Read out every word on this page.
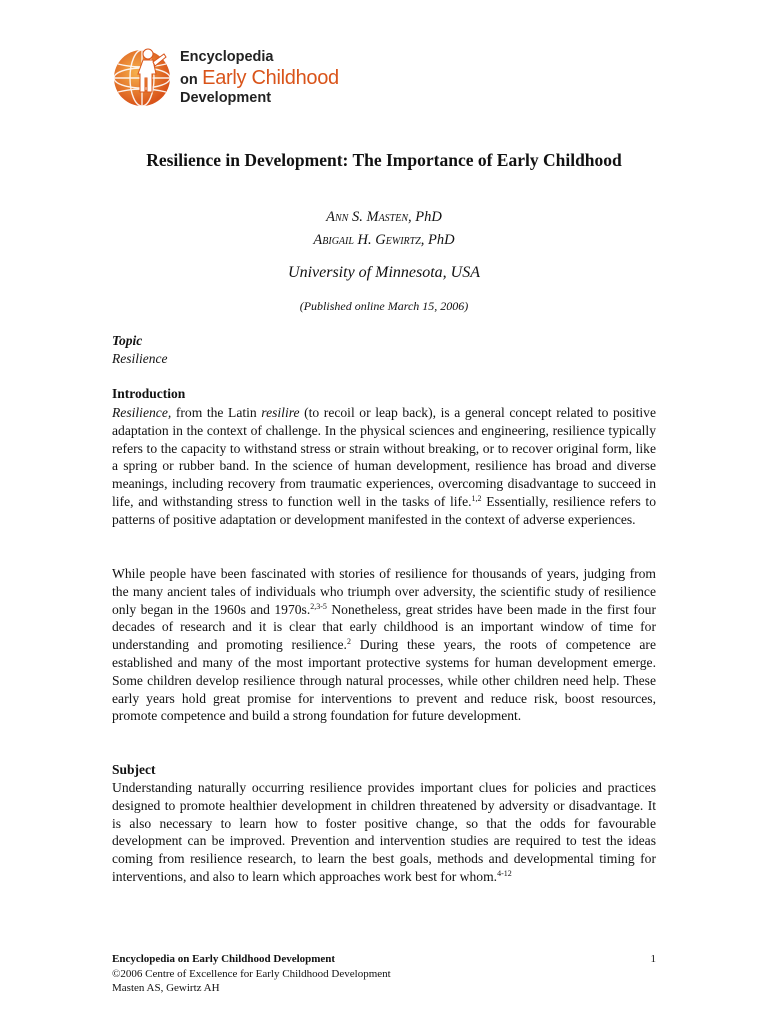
Encyclopedia
on Early Childhood
Development
Resilience in Development: The Importance of Early Childhood
Ann S. Masten, PhD
Abigail H. Gewirtz, PhD
University of Minnesota, USA
(Published online March 15, 2006)
Topic
Resilience
Introduction

Resilience, from the Latin resilire (to recoil or leap back), is a general concept related to positive adaptation in the context of challenge. In the physical sciences and engineering, resilience typically refers to the capacity to withstand stress or strain without breaking, or to recover original form, like a spring or rubber band. In the science of human development, resilience has broad and diverse meanings, including recovery from traumatic experiences, overcoming disadvantage to succeed in life, and withstanding stress to function well in the tasks of life.$^{1,2}$ Essentially, resilience refers to patterns of positive adaptation or development manifested in the context of adverse experiences.

While people have been fascinated with stories of resilience for thousands of years, judging from the many ancient tales of individuals who triumph over adversity, the scientific study of resilience only began in the 1960s and 1970s.$^{2,3-5}$ Nonetheless, great strides have been made in the first four decades of research and it is clear that early childhood is an important window of time for understanding and promoting resilience.$^2$ During these years, the roots of competence are established and many of the most important protective systems for human development emerge. Some children develop resilience through natural processes, while other children need help. These early years hold great promise for interventions to prevent and reduce risk, boost resources, promote competence and build a strong foundation for future development.

Subject

Understanding naturally occurring resilience provides important clues for policies and practices designed to promote healthier development in children threatened by adversity or disadvantage. It is also necessary to learn how to foster positive change, so that the odds for favourable development can be improved. Prevention and intervention studies are required to test the ideas coming from resilience research, to learn the best goals, methods and developmental timing for interventions, and also to learn which approaches work best for whom.$^{4-12}$

Encyclopedia on Early Childhood Development
©2006 Centre of Excellence for Early Childhood Development
Masten AS, Gewirtz AH
1
